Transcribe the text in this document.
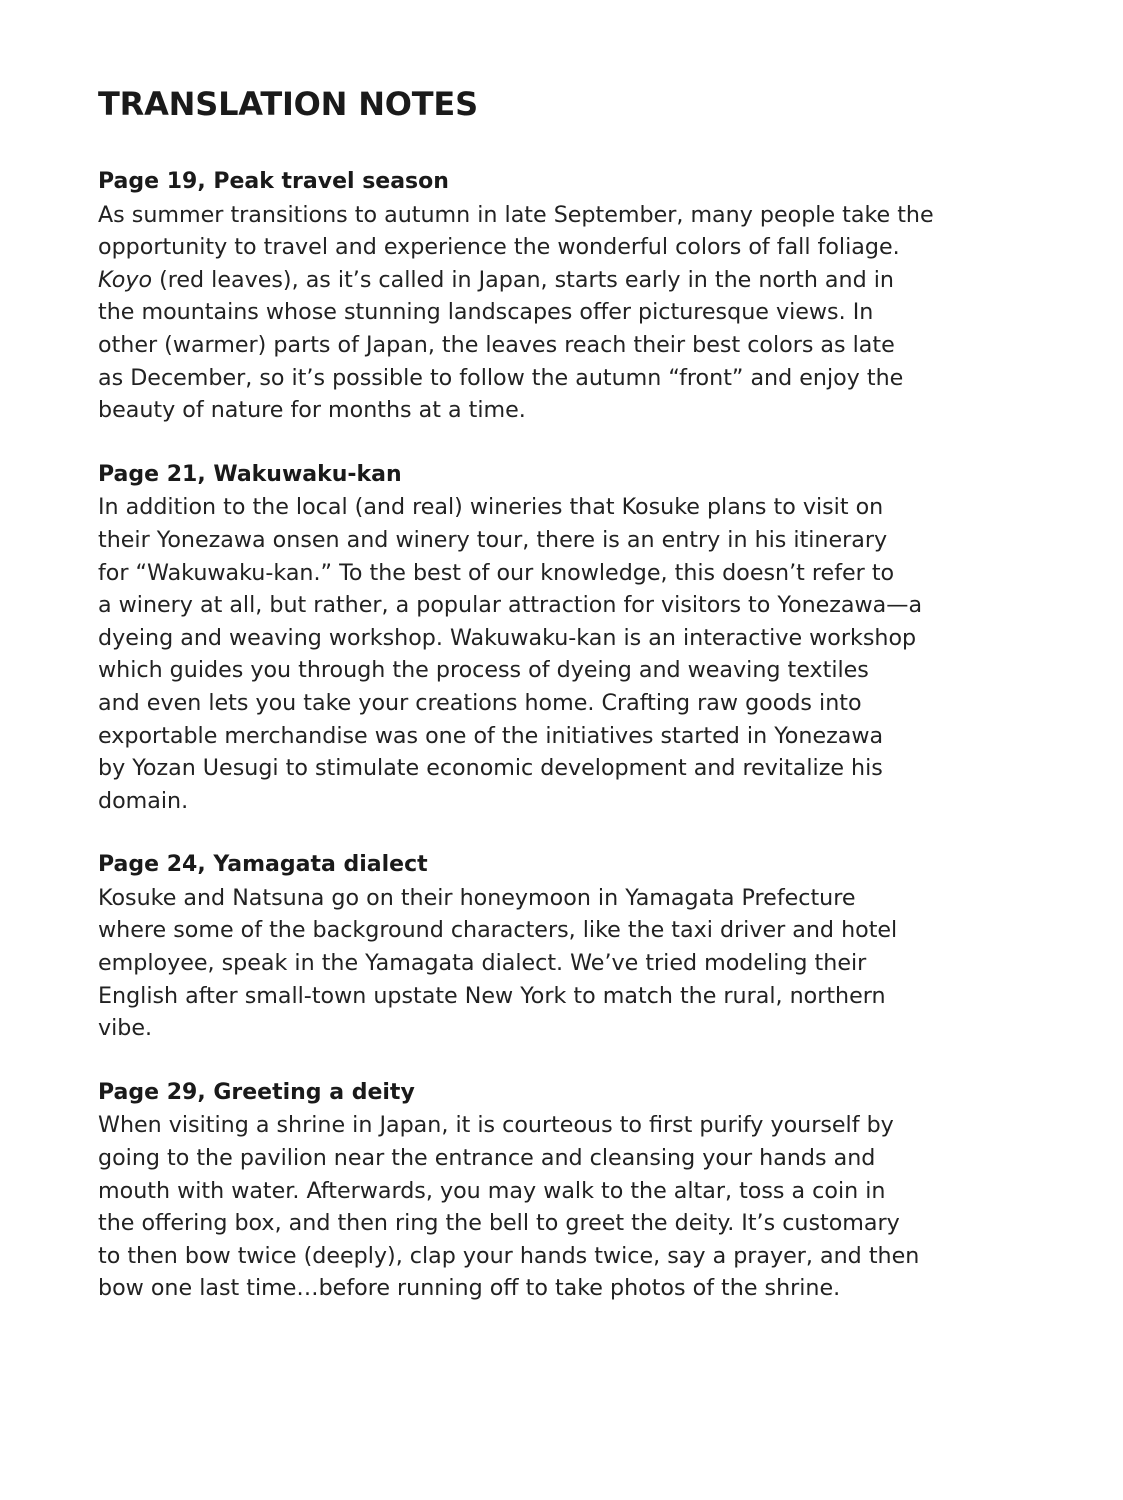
TRANSLATION NOTES
Page 19, Peak travel season
As summer transitions to autumn in late September, many people take the
opportunity to travel and experience the wonderful colors of fall foliage.
Koyo (red leaves), as it’s called in Japan, starts early in the north and in
the mountains whose stunning landscapes offer picturesque views. In
other (warmer) parts of Japan, the leaves reach their best colors as late
as December, so it’s possible to follow the autumn “front” and enjoy the
beauty of nature for months at a time.
Page 21, Wakuwaku-kan
In addition to the local (and real) wineries that Kosuke plans to visit on
their Yonezawa onsen and winery tour, there is an entry in his itinerary
for “Wakuwaku-kan.” To the best of our knowledge, this doesn’t refer to
a winery at all, but rather, a popular attraction for visitors to Yonezawa—a
dyeing and weaving workshop. Wakuwaku-kan is an interactive workshop
which guides you through the process of dyeing and weaving textiles
and even lets you take your creations home. Crafting raw goods into
exportable merchandise was one of the initiatives started in Yonezawa
by Yozan Uesugi to stimulate economic development and revitalize his
domain.
Page 24, Yamagata dialect
Kosuke and Natsuna go on their honeymoon in Yamagata Prefecture
where some of the background characters, like the taxi driver and hotel
employee, speak in the Yamagata dialect. We’ve tried modeling their
English after small-town upstate New York to match the rural, northern
vibe.
Page 29, Greeting a deity
When visiting a shrine in Japan, it is courteous to first purify yourself by
going to the pavilion near the entrance and cleansing your hands and
mouth with water. Afterwards, you may walk to the altar, toss a coin in
the offering box, and then ring the bell to greet the deity. It’s customary
to then bow twice (deeply), clap your hands twice, say a prayer, and then
bow one last time…before running off to take photos of the shrine.
